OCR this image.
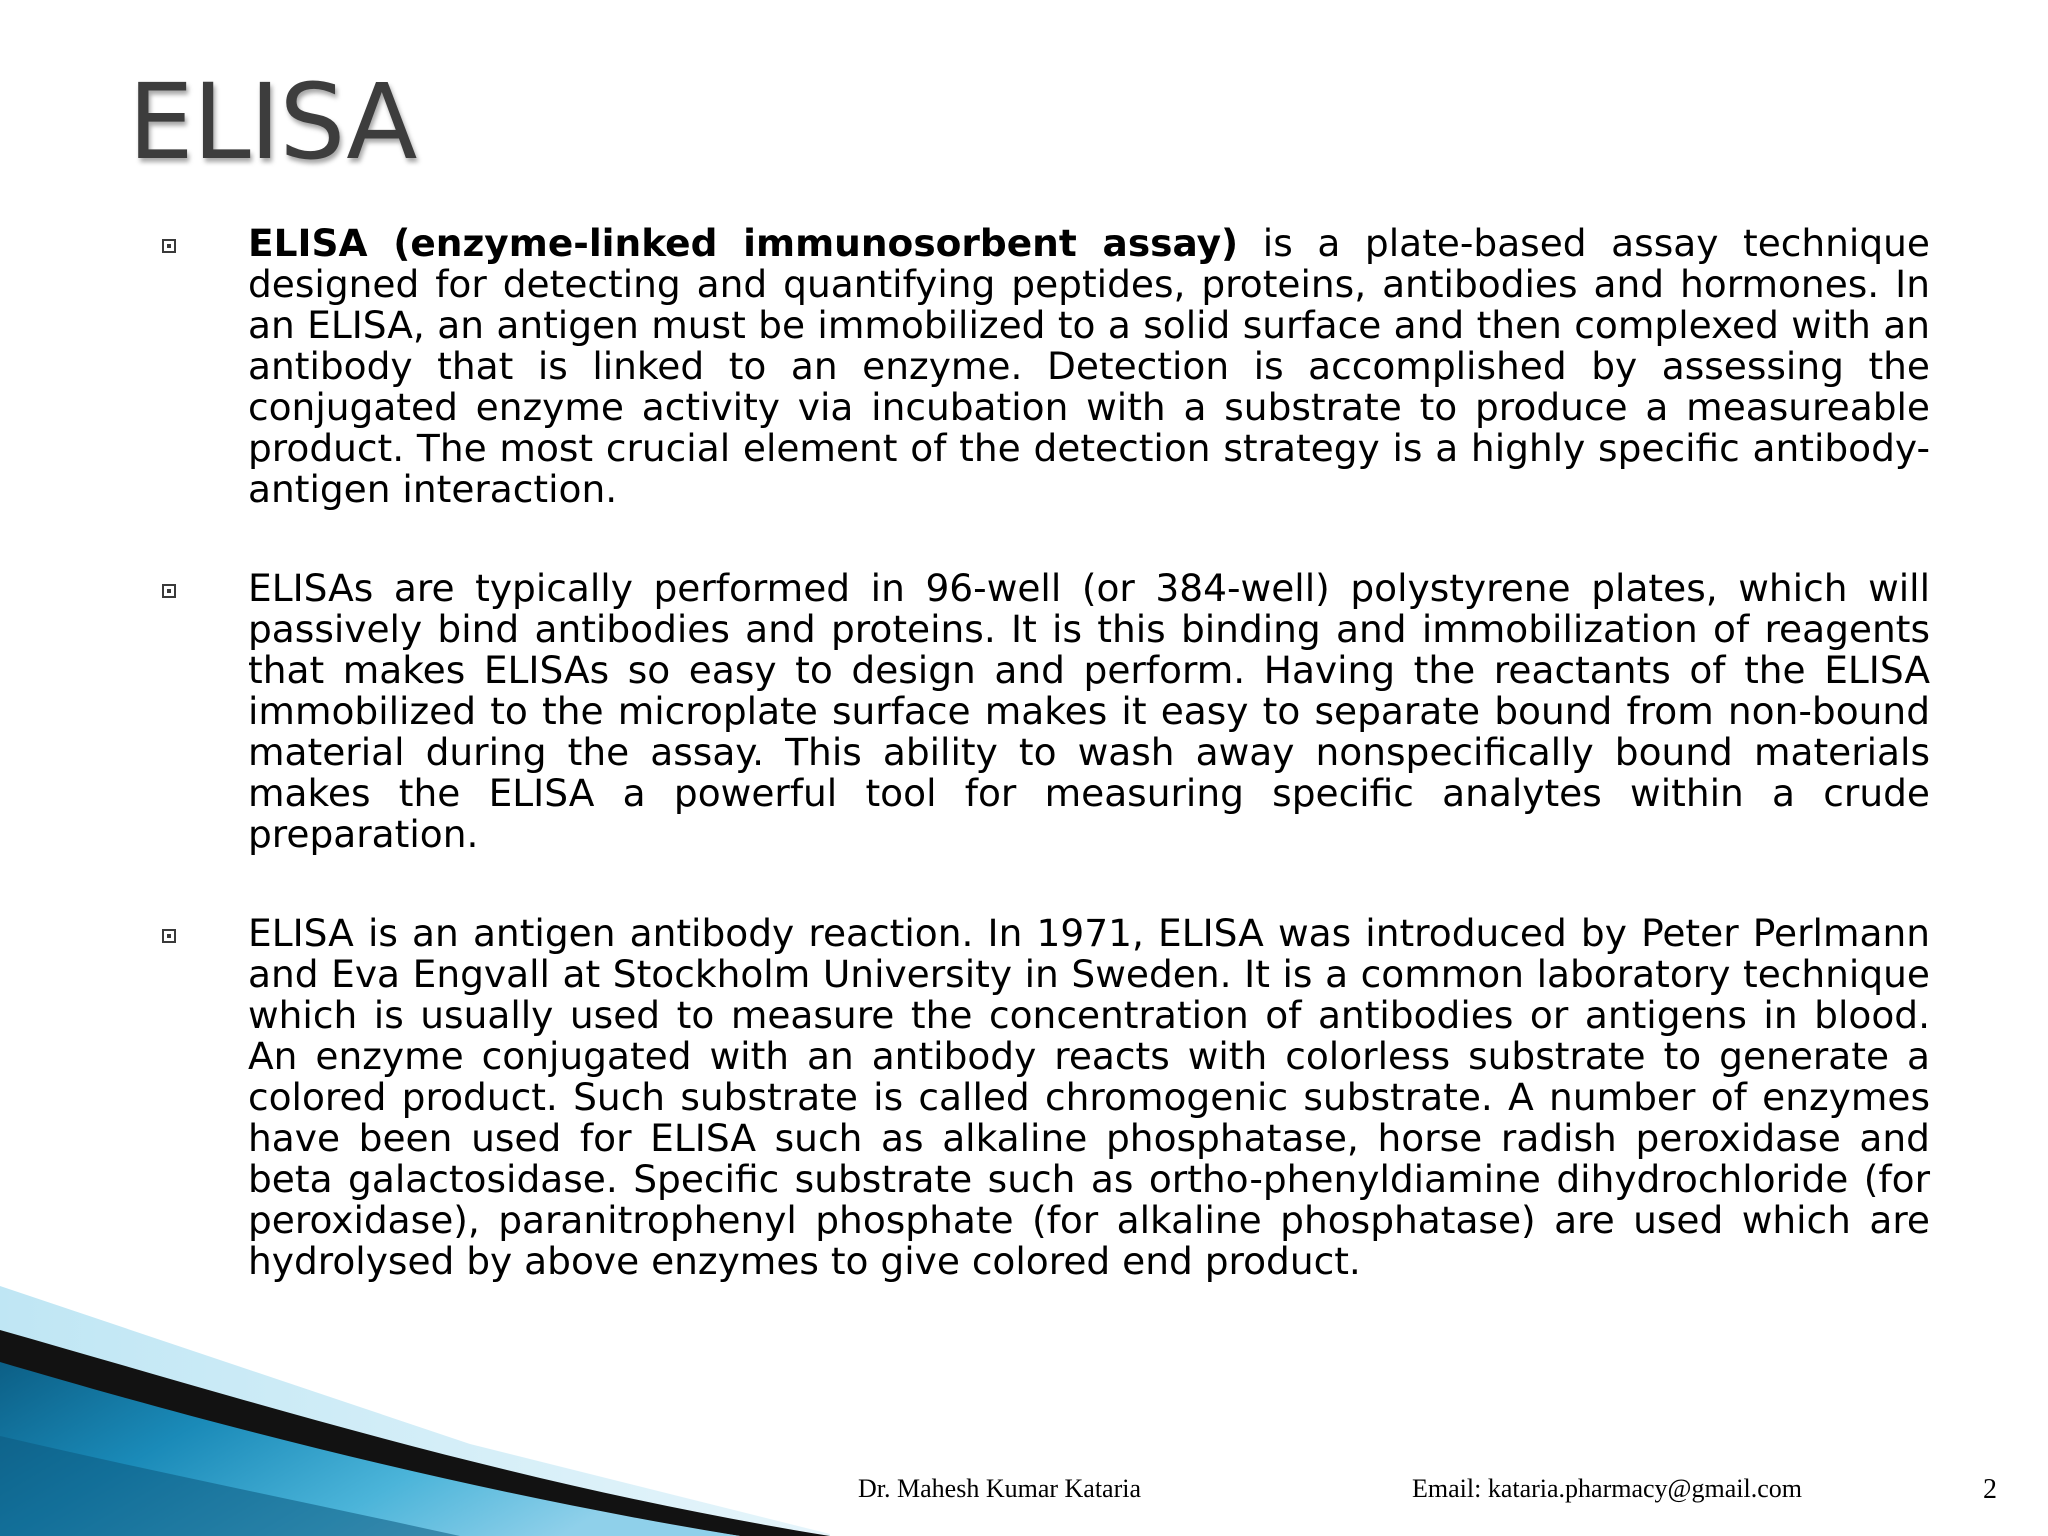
ELISA
ELISA (enzyme-linked immunosorbent assay) is a plate-based assay technique designed for detecting and quantifying peptides, proteins, antibodies and hormones. In an ELISA, an antigen must be immobilized to a solid surface and then complexed with an antibody that is linked to an enzyme. Detection is accomplished by assessing the conjugated enzyme activity via incubation with a substrate to produce a measureable product. The most crucial element of the detection strategy is a highly specific antibody-antigen interaction.
ELISAs are typically performed in 96-well (or 384-well) polystyrene plates, which will passively bind antibodies and proteins. It is this binding and immobilization of reagents that makes ELISAs so easy to design and perform. Having the reactants of the ELISA immobilized to the microplate surface makes it easy to separate bound from non-bound material during the assay. This ability to wash away nonspecifically bound materials makes the ELISA a powerful tool for measuring specific analytes within a crude preparation.
ELISA is an antigen antibody reaction. In 1971, ELISA was introduced by Peter Perlmann and Eva Engvall at Stockholm University in Sweden. It is a common laboratory technique which is usually used to measure the concentration of antibodies or antigens in blood. An enzyme conjugated with an antibody reacts with colorless substrate to generate a colored product. Such substrate is called chromogenic substrate. A number of enzymes have been used for ELISA such as alkaline phosphatase, horse radish peroxidase and beta galactosidase. Specific substrate such as ortho-phenyldiamine dihydrochloride (for peroxidase), paranitrophenyl phosphate (for alkaline phosphatase) are used which are hydrolysed by above enzymes to give colored end product.
Dr. Mahesh Kumar Kataria	Email: kataria.pharmacy@gmail.com	2
